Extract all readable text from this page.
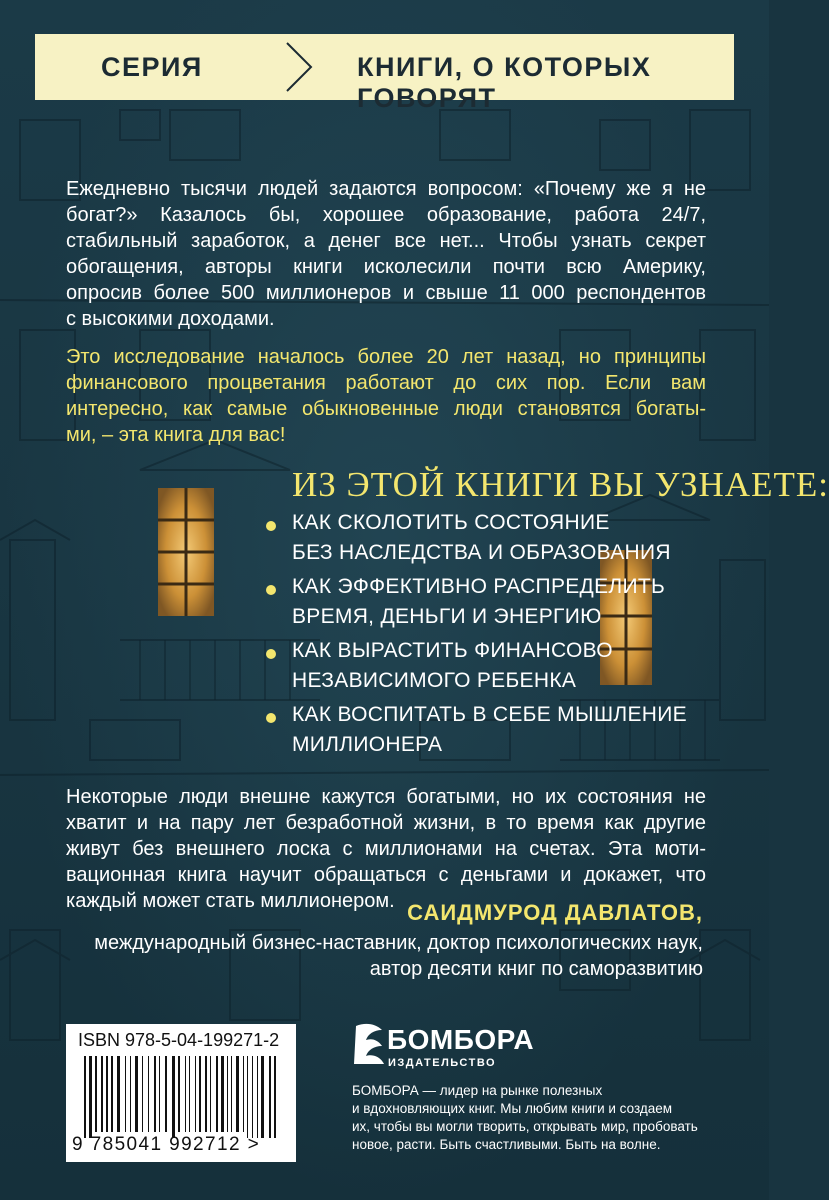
СЕРИЯ	КНИГИ, О КОТОРЫХ ГОВОРЯТ
Ежедневно тысячи людей задаются вопросом: «Почему же я не
богат?» Казалось бы, хорошее образование, работа 24/7,
стабильный заработок, а денег все нет... Чтобы узнать секрет
обогащения, авторы книги исколесили почти всю Америку,
опросив более 500 миллионеров и свыше 11 000 респондентов
с высокими доходами.
Это исследование началось более 20 лет назад, но принципы
финансового процветания работают до сих пор. Если вам
интересно, как самые обыкновенные люди становятся богаты-
ми, – эта книга для вас!
ИЗ ЭТОЙ КНИГИ ВЫ УЗНАЕТЕ:
КАК СКОЛОТИТЬ СОСТОЯНИЕ
БЕЗ НАСЛЕДСТВА И ОБРАЗОВАНИЯ
КАК ЭФФЕКТИВНО РАСПРЕДЕЛИТЬ
ВРЕМЯ, ДЕНЬГИ И ЭНЕРГИЮ
КАК ВЫРАСТИТЬ ФИНАНСОВО
НЕЗАВИСИМОГО РЕБЕНКА
КАК ВОСПИТАТЬ В СЕБЕ МЫШЛЕНИЕ
МИЛЛИОНЕРА
Некоторые люди внешне кажутся богатыми, но их состояния не
хватит и на пару лет безработной жизни, в то время как другие
живут без внешнего лоска с миллионами на счетах. Эта моти-
вационная книга научит обращаться с деньгами и докажет, что
каждый может стать миллионером. САИДМУРОД ДАВЛАТОВ,
международный бизнес-наставник, доктор психологических наук,
автор десяти книг по саморазвитию
ISBN 978-5-04-199271-2
9 785041 992712 >
БОМБОРА
ИЗДАТЕЛЬСТВО
БОМБОРА — лидер на рынке полезных
и вдохновляющих книг. Мы любим книги и создаем
их, чтобы вы могли творить, открывать мир, пробовать
новое, расти. Быть счастливыми. Быть на волне.
